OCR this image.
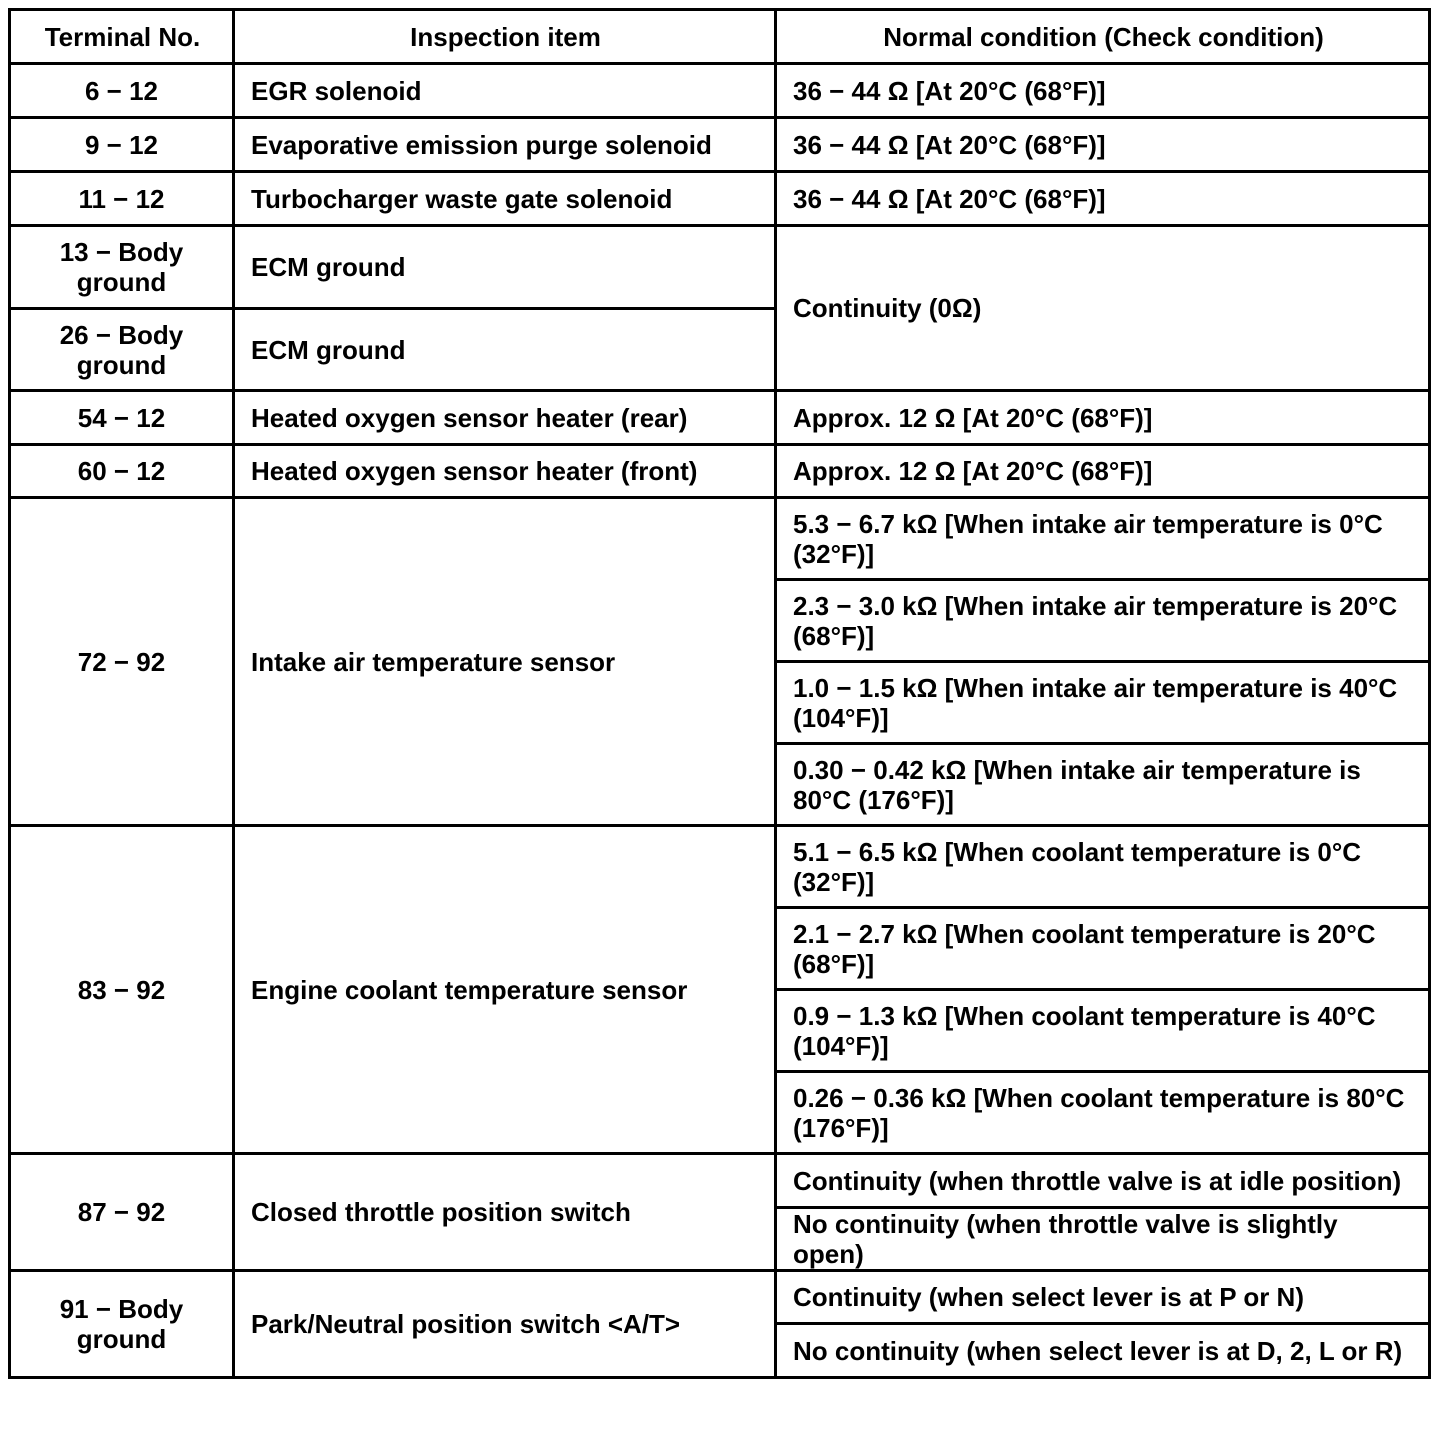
Terminal No.	Inspection item	Normal condition (Check condition)
6 − 12	EGR solenoid	36 − 44 Ω [At 20°C (68°F)]
9 − 12	Evaporative emission purge solenoid	36 − 44 Ω [At 20°C (68°F)]
11 − 12	Turbocharger waste gate solenoid	36 − 44 Ω [At 20°C (68°F)]
13 − Body ground	ECM ground	Continuity (0Ω)
26 − Body ground	ECM ground	
54 − 12	Heated oxygen sensor heater (rear)	Approx. 12 Ω [At 20°C (68°F)]
60 − 12	Heated oxygen sensor heater (front)	Approx. 12 Ω [At 20°C (68°F)]
72 − 92	Intake air temperature sensor	5.3 − 6.7 kΩ [When intake air temperature is 0°C (32°F)]
		2.3 − 3.0 kΩ [When intake air temperature is 20°C (68°F)]
		1.0 − 1.5 kΩ [When intake air temperature is 40°C (104°F)]
		0.30 − 0.42 kΩ [When intake air temperature is 80°C (176°F)]
83 − 92	Engine coolant temperature sensor	5.1 − 6.5 kΩ [When coolant temperature is 0°C (32°F)]
		2.1 − 2.7 kΩ [When coolant temperature is 20°C (68°F)]
		0.9 − 1.3 kΩ [When coolant temperature is 40°C (104°F)]
		0.26 − 0.36 kΩ [When coolant temperature is 80°C (176°F)]
87 − 92	Closed throttle position switch	Continuity (when throttle valve is at idle position)
		No continuity (when throttle valve is slightly open)
91 − Body ground	Park/Neutral position switch <A/T>	Continuity (when select lever is at P or N)
		No continuity (when select lever is at D, 2, L or R)
